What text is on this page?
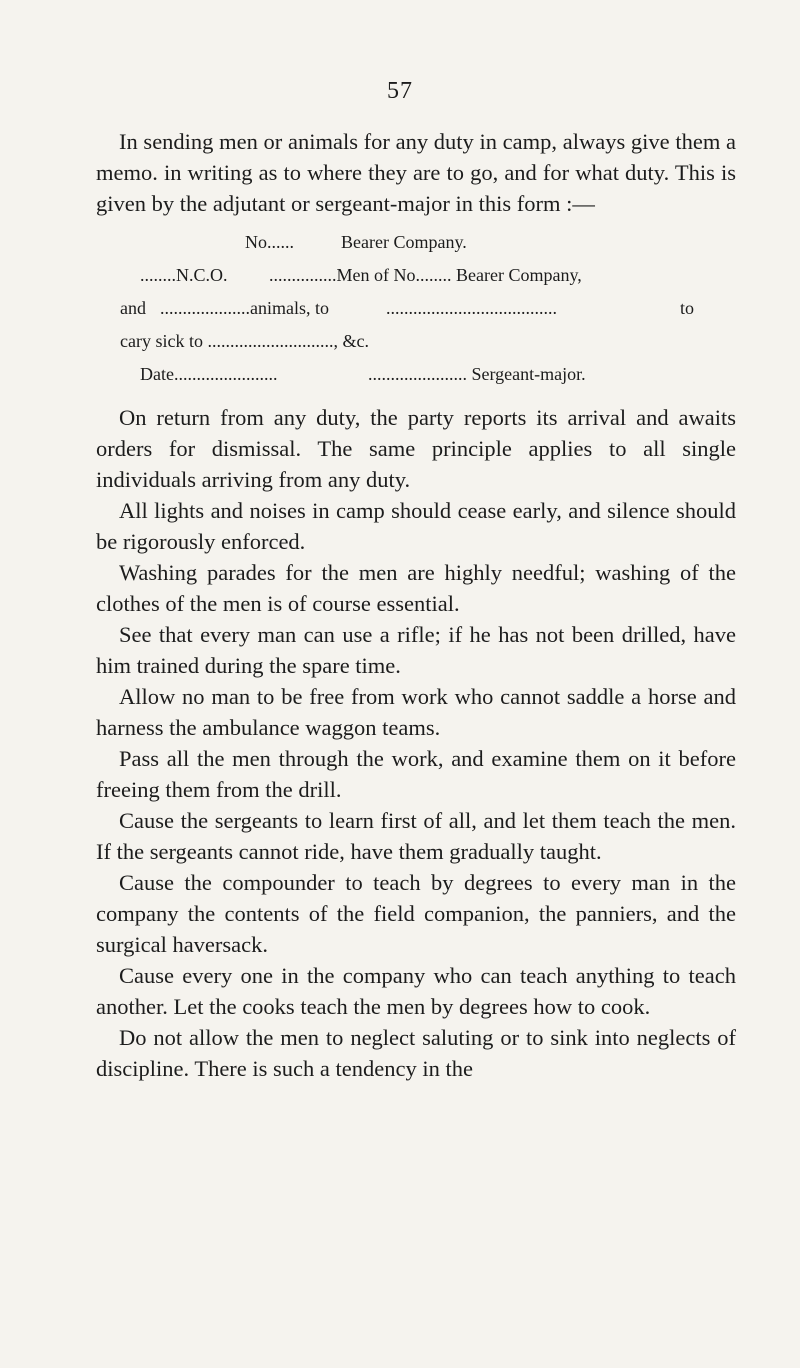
57

In sending men or animals for any duty in camp, always give them a memo. in writing as to where they are to go, and for what duty. This is given by the adjutant or sergeant-major in this form :—

No......	Bearer Company.
........N.C.O. ...............Men of No........ Bearer Company,
and ....................animals, to	......................................	to
cary sick to ............................, &c.
Date.......................	...................... Sergeant-major.

On return from any duty, the party reports its arrival and awaits orders for dismissal. The same principle applies to all single individuals arriving from any duty.

All lights and noises in camp should cease early, and silence should be rigorously enforced.

Washing parades for the men are highly needful; washing of the clothes of the men is of course essential.

See that every man can use a rifle; if he has not been drilled, have him trained during the spare time.

Allow no man to be free from work who cannot saddle a horse and harness the ambulance waggon teams.

Pass all the men through the work, and examine them on it before freeing them from the drill.

Cause the sergeants to learn first of all, and let them teach the men. If the sergeants cannot ride, have them gradually taught.

Cause the compounder to teach by degrees to every man in the company the contents of the field companion, the panniers, and the surgical haversack.

Cause every one in the company who can teach anything to teach another. Let the cooks teach the men by degrees how to cook.

Do not allow the men to neglect saluting or to sink into neglects of discipline. There is such a tendency in the
